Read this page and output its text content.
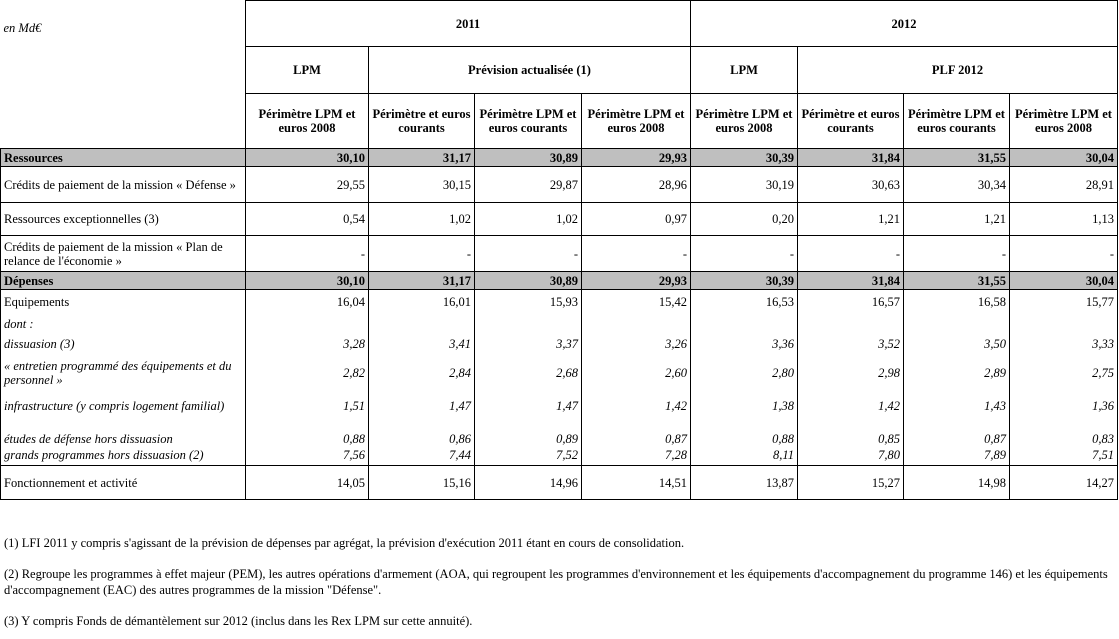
en Md€	2011				2012			
	LPM	Prévision actualisée (1)			LPM	PLF 2012		
	Périmètre LPM et euros 2008	Périmètre et euros courants	Périmètre LPM et euros courants	Périmètre LPM et euros 2008	Périmètre LPM et euros 2008	Périmètre et euros courants	Périmètre LPM et euros courants	Périmètre LPM et euros 2008
Ressources	30,10	31,17	30,89	29,93	30,39	31,84	31,55	30,04
Crédits de paiement de la mission « Défense »	29,55	30,15	29,87	28,96	30,19	30,63	30,34	28,91
Ressources exceptionnelles (3)	0,54	1,02	1,02	0,97	0,20	1,21	1,21	1,13
Crédits de paiement de la mission « Plan de relance de l'économie »	-	-	-	-	-	-	-	-
Dépenses	30,10	31,17	30,89	29,93	30,39	31,84	31,55	30,04
Equipements	16,04	16,01	15,93	15,42	16,53	16,57	16,58	15,77
dont :								
dissuasion (3)	3,28	3,41	3,37	3,26	3,36	3,52	3,50	3,33
« entretien programmé des équipements et du personnel »	2,82	2,84	2,68	2,60	2,80	2,98	2,89	2,75
infrastructure (y compris logement familial)	1,51	1,47	1,47	1,42	1,38	1,42	1,43	1,36
études de défense hors dissuasion	0,88	0,86	0,89	0,87	0,88	0,85	0,87	0,83
grands programmes hors dissuasion (2)	7,56	7,44	7,52	7,28	8,11	7,80	7,89	7,51
Fonctionnement et activité	14,05	15,16	14,96	14,51	13,87	15,27	14,98	14,27
(1) LFI 2011 y compris s'agissant de la prévision de dépenses par agrégat, la prévision d'exécution 2011 étant en cours de consolidation.
(2) Regroupe les programmes à effet majeur (PEM), les autres opérations d'armement (AOA, qui regroupent les programmes d'environnement et les équipements d'accompagnement du programme 146) et les équipements d'accompagnement (EAC) des autres programmes de la mission "Défense".
(3) Y compris Fonds de démantèlement sur 2012 (inclus dans les Rex LPM sur cette annuité).
